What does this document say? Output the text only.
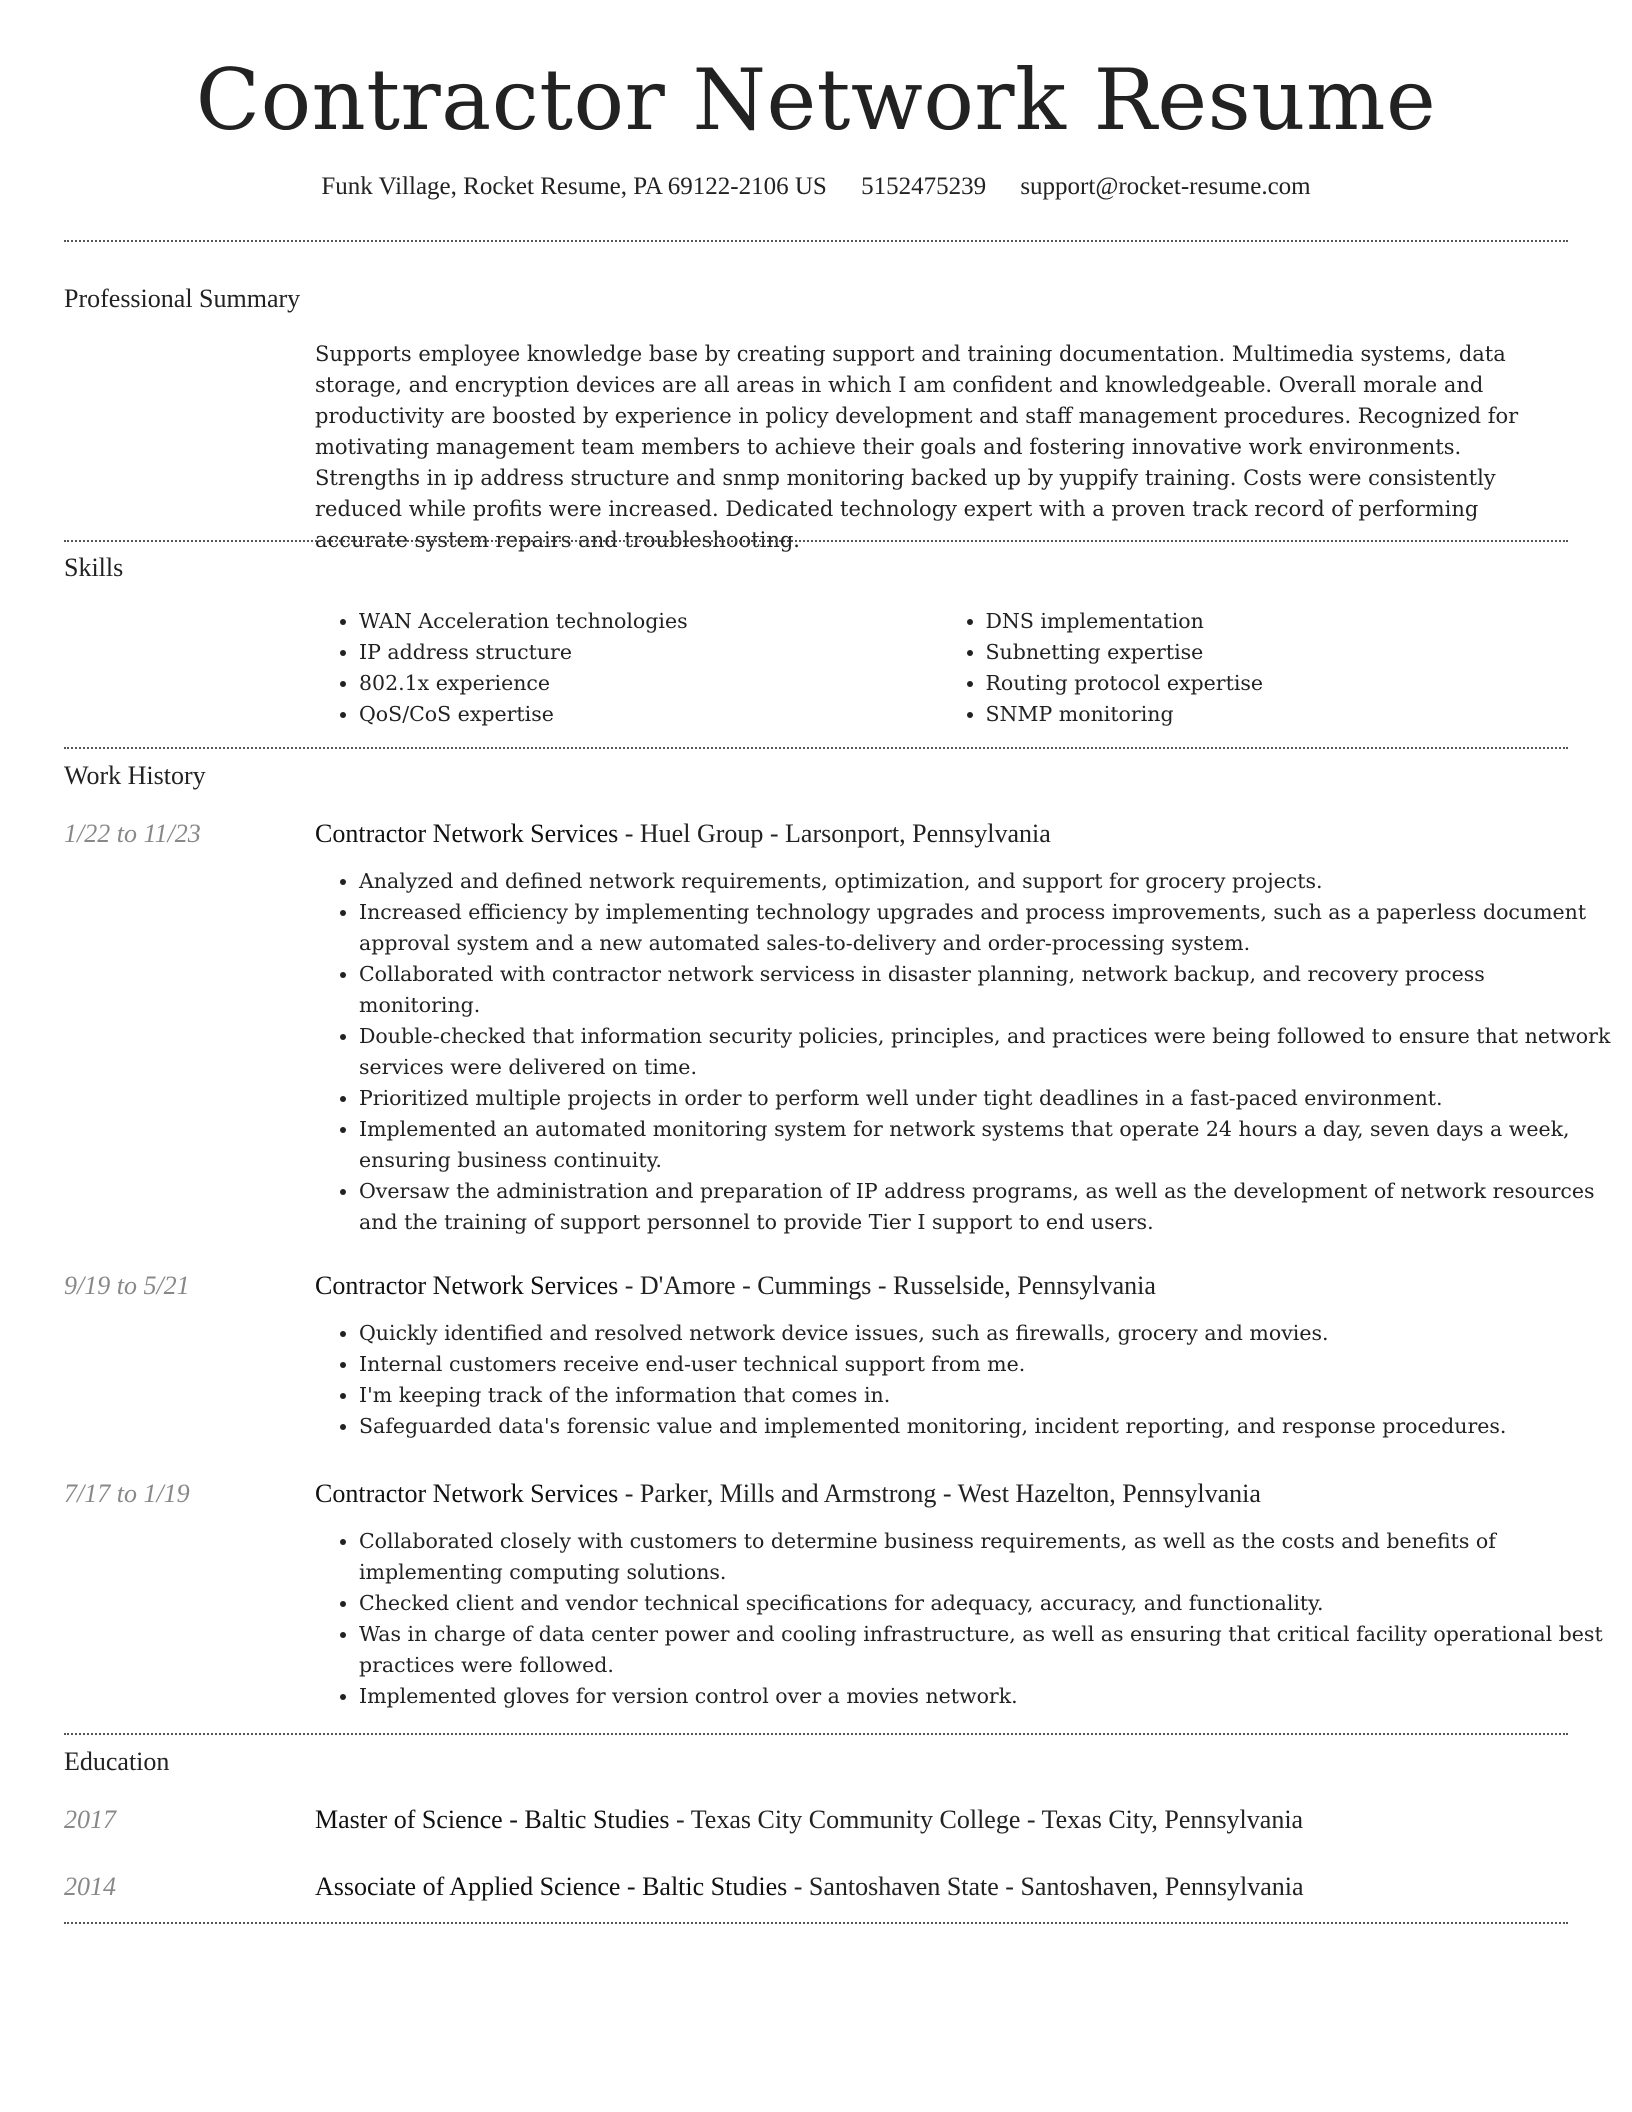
Contractor Network Resume
Funk Village, Rocket Resume, PA 69122-2106 US 5152475239 support@rocket-resume.com
Professional Summary
Supports employee knowledge base by creating support and training documentation. Multimedia systems, data storage, and encryption devices are all areas in which I am confident and knowledgeable. Overall morale and productivity are boosted by experience in policy development and staff management procedures. Recognized for motivating management team members to achieve their goals and fostering innovative work environments. Strengths in ip address structure and snmp monitoring backed up by yuppify training. Costs were consistently reduced while profits were increased. Dedicated technology expert with a proven track record of performing accurate system repairs and troubleshooting.
Skills
• WAN Acceleration technologies
• IP address structure
• 802.1x experience
• QoS/CoS expertise
• DNS implementation
• Subnetting expertise
• Routing protocol expertise
• SNMP monitoring
Work History
1/22 to 11/23	Contractor Network Services - Huel Group - Larsonport, Pennsylvania
• Analyzed and defined network requirements, optimization, and support for grocery projects.
• Increased efficiency by implementing technology upgrades and process improvements, such as a paperless document approval system and a new automated sales-to-delivery and order-processing system.
• Collaborated with contractor network servicess in disaster planning, network backup, and recovery process monitoring.
• Double-checked that information security policies, principles, and practices were being followed to ensure that network services were delivered on time.
• Prioritized multiple projects in order to perform well under tight deadlines in a fast-paced environment.
• Implemented an automated monitoring system for network systems that operate 24 hours a day, seven days a week, ensuring business continuity.
• Oversaw the administration and preparation of IP address programs, as well as the development of network resources and the training of support personnel to provide Tier I support to end users.
9/19 to 5/21	Contractor Network Services - D'Amore - Cummings - Russelside, Pennsylvania
• Quickly identified and resolved network device issues, such as firewalls, grocery and movies.
• Internal customers receive end-user technical support from me.
• I'm keeping track of the information that comes in.
• Safeguarded data's forensic value and implemented monitoring, incident reporting, and response procedures.
7/17 to 1/19	Contractor Network Services - Parker, Mills and Armstrong - West Hazelton, Pennsylvania
• Collaborated closely with customers to determine business requirements, as well as the costs and benefits of implementing computing solutions.
• Checked client and vendor technical specifications for adequacy, accuracy, and functionality.
• Was in charge of data center power and cooling infrastructure, as well as ensuring that critical facility operational best practices were followed.
• Implemented gloves for version control over a movies network.
Education
2017	Master of Science - Baltic Studies - Texas City Community College - Texas City, Pennsylvania
2014	Associate of Applied Science - Baltic Studies - Santoshaven State - Santoshaven, Pennsylvania
